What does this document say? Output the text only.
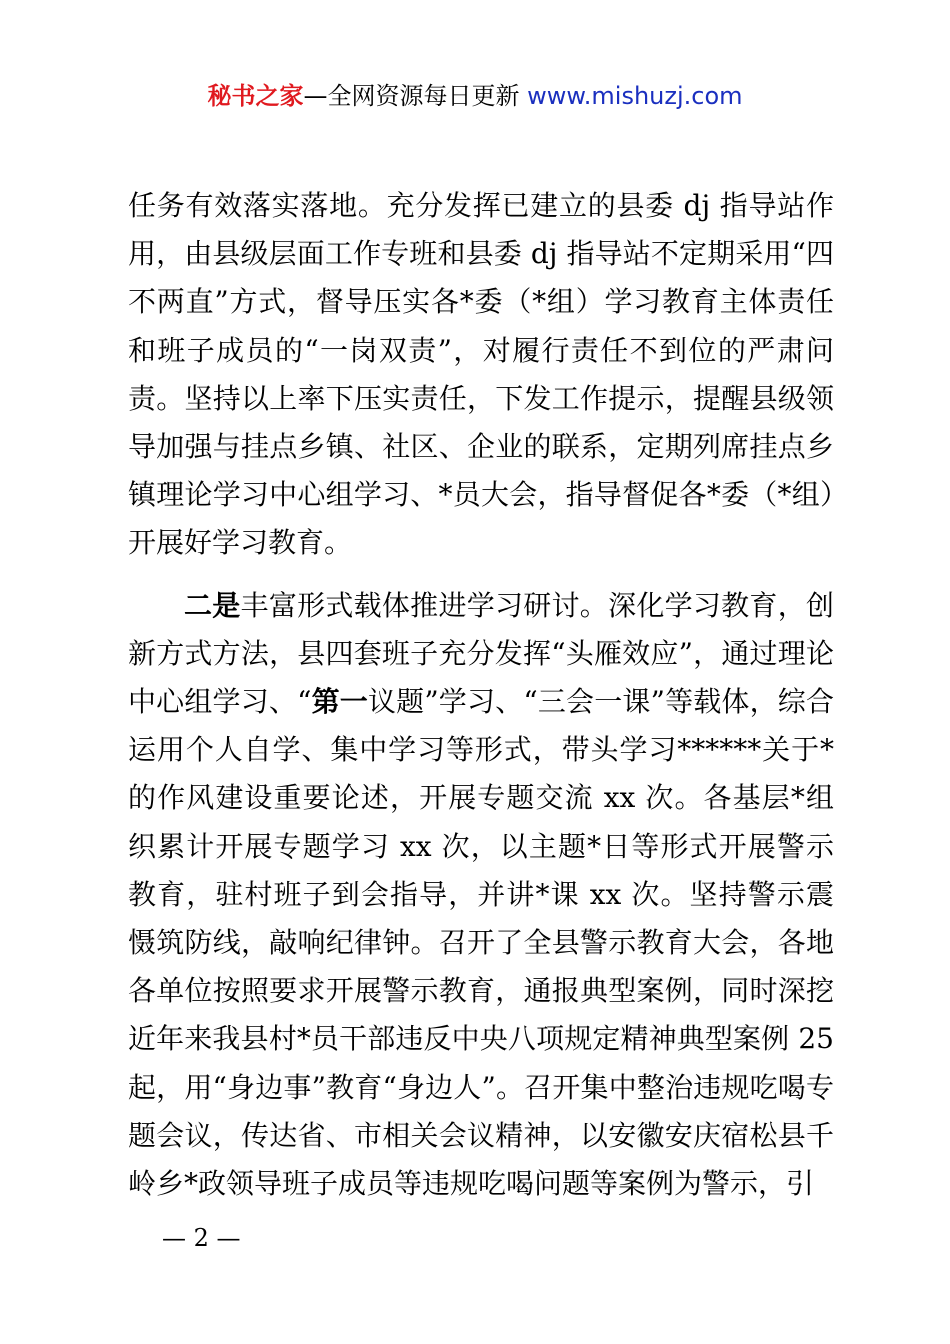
秘书之家—全网资源每日更新 www.mishuzj.com

任务有效落实落地。充分发挥已建立的县委 dj 指导站作用，由县级层面工作专班和县委 dj 指导站不定期采用“四不两直”方式，督导压实各*委（*组）学习教育主体责任和班子成员的“一岗双责”，对履行责任不到位的严肃问责。坚持以上率下压实责任，下发工作提示，提醒县级领导加强与挂点乡镇、社区、企业的联系，定期列席挂点乡镇理论学习中心组学习、*员大会，指导督促各*委（*组）开展好学习教育。

二是丰富形式载体推进学习研讨。深化学习教育，创新方式方法，县四套班子充分发挥“头雁效应”，通过理论中心组学习、“第一议题”学习、“三会一课”等载体，综合运用个人自学、集中学习等形式，带头学习******关于*的作风建设重要论述，开展专题交流 xx 次。各基层*组织累计开展专题学习 xx 次，以主题*日等形式开展警示教育，驻村班子到会指导，并讲*课 xx 次。坚持警示震慑筑防线，敲响纪律钟。召开了全县警示教育大会，各地各单位按照要求开展警示教育，通报典型案例，同时深挖近年来我县村*员干部违反中央八项规定精神典型案例 25 起，用“身边事”教育“身边人”。召开集中整治违规吃喝专题会议，传达省、市相关会议精神，以安徽安庆宿松县千岭乡*政领导班子成员等违规吃喝问题等案例为警示，引

— 2 —
